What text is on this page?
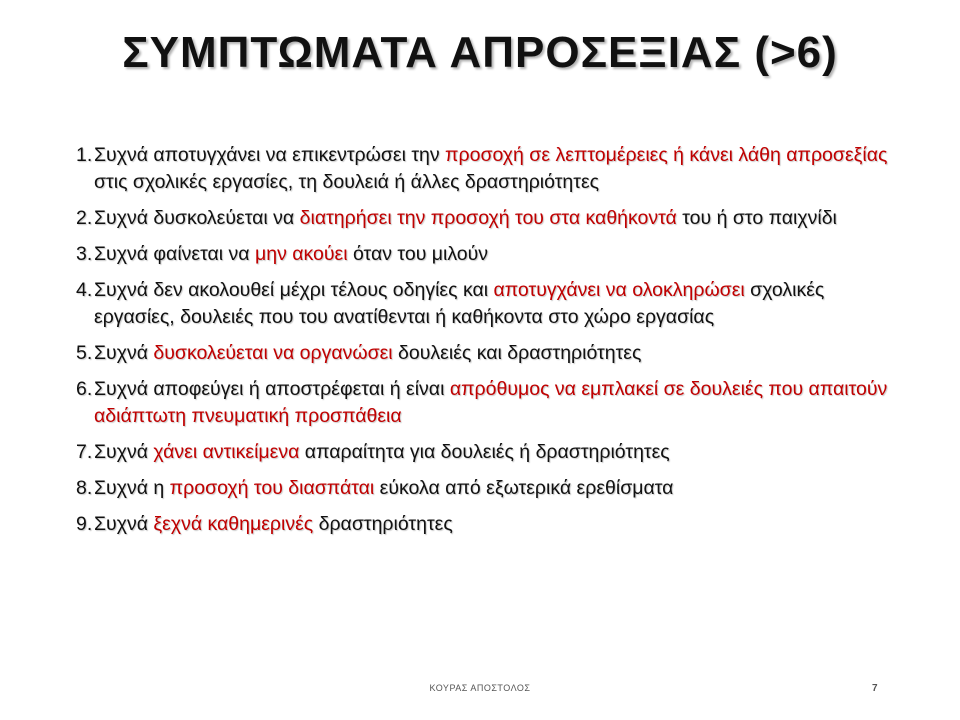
ΣΥΜΠΤΩΜΑΤΑ ΑΠΡΟΣΕΞΙΑΣ (>6)
1. Συχνά αποτυγχάνει να επικεντρώσει την προσοχή σε λεπτομέρειες ή κάνει λάθη απροσεξίας στις σχολικές εργασίες, τη δουλειά ή άλλες δραστηριότητες
2. Συχνά δυσκολεύεται να διατηρήσει την προσοχή του στα καθήκοντά του ή στο παιχνίδι
3. Συχνά φαίνεται να μην ακούει όταν του μιλούν
4. Συχνά δεν ακολουθεί μέχρι τέλους οδηγίες και αποτυγχάνει να ολοκληρώσει σχολικές εργασίες, δουλειές που του ανατίθενται ή καθήκοντα στο χώρο εργασίας
5. Συχνά δυσκολεύεται να οργανώσει δουλειές και δραστηριότητες
6. Συχνά αποφεύγει ή αποστρέφεται ή είναι απρόθυμος να εμπλακεί σε δουλειές που απαιτούν αδιάπτωτη πνευματική προσπάθεια
7. Συχνά χάνει αντικείμενα απαραίτητα για δουλειές ή δραστηριότητες
8. Συχνά η προσοχή του διασπάται εύκολα από εξωτερικά ερεθίσματα
9. Συχνά ξεχνά καθημερινές δραστηριότητες
ΚΟΥΡΑΣ ΑΠΟΣΤΟΛΟΣ	7
